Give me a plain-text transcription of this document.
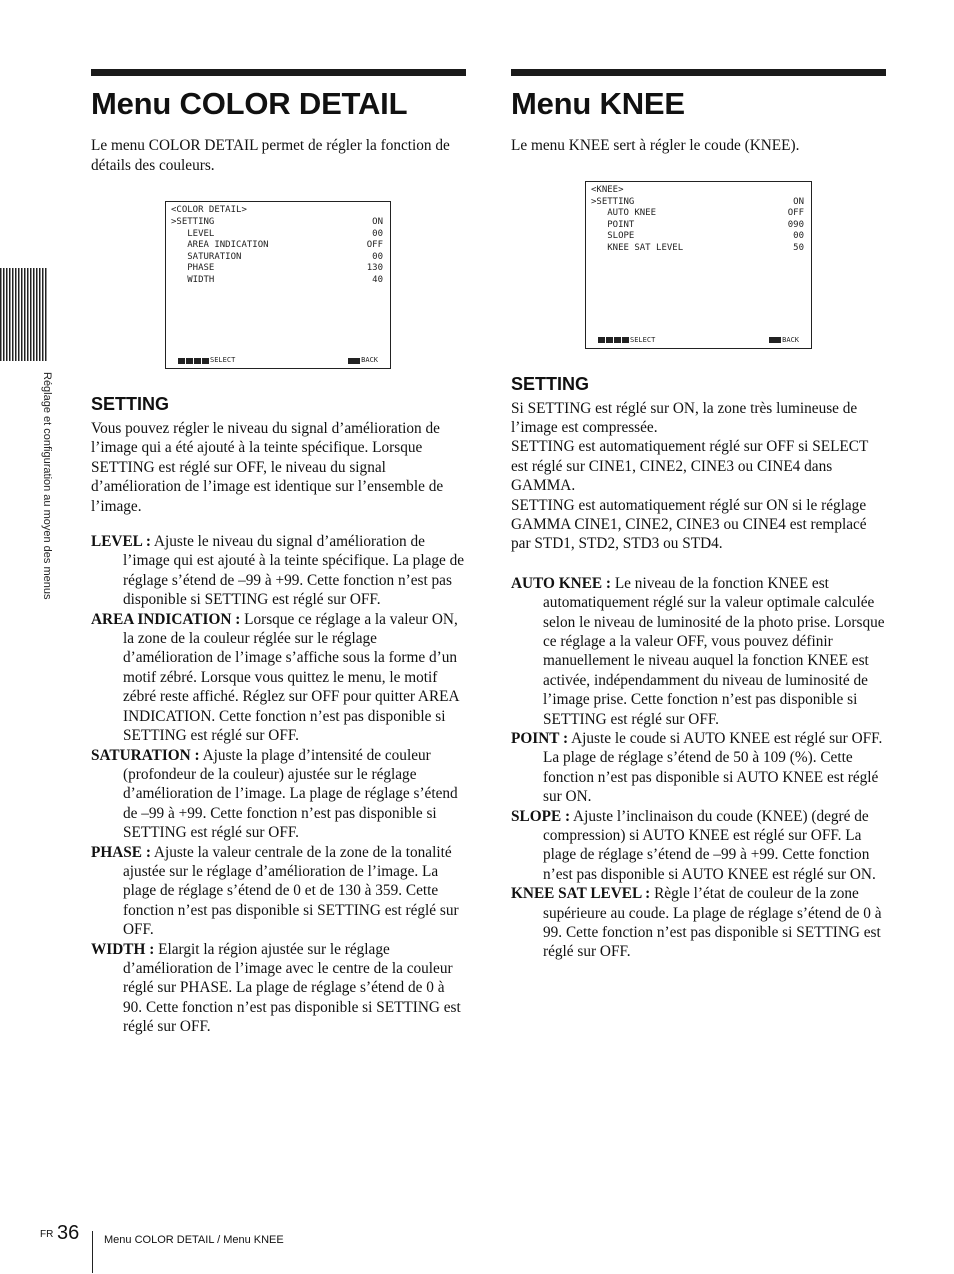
Réglage et configuration au moyen des menus
Menu COLOR DETAIL

Le menu COLOR DETAIL permet de régler la fonction de détails des couleurs.

<COLOR DETAIL>
>SETTING	ON
LEVEL	00
AREA INDICATION	OFF
SATURATION	00
PHASE	130
WIDTH	40
SELECT	BACK
SETTING

Vous pouvez régler le niveau du signal d’amélioration de l’image qui a été ajouté à la teinte spécifique. Lorsque SETTING est réglé sur OFF, le niveau du signal d’amélioration de l’image est identique sur l’ensemble de l’image.

LEVEL : Ajuste le niveau du signal d’amélioration de l’image qui est ajouté à la teinte spécifique. La plage de réglage s’étend de –99 à +99. Cette fonction n’est pas disponible si SETTING est réglé sur OFF.

AREA INDICATION : Lorsque ce réglage a la valeur ON, la zone de la couleur réglée sur le réglage d’amélioration de l’image s’affiche sous la forme d’un motif zébré. Lorsque vous quittez le menu, le motif zébré reste affiché. Réglez sur OFF pour quitter AREA INDICATION. Cette fonction n’est pas disponible si SETTING est réglé sur OFF.

SATURATION : Ajuste la plage d’intensité de couleur (profondeur de la couleur) ajustée sur le réglage d’amélioration de l’image. La plage de réglage s’étend de –99 à +99. Cette fonction n’est pas disponible si SETTING est réglé sur OFF.

PHASE : Ajuste la valeur centrale de la zone de la tonalité ajustée sur le réglage d’amélioration de l’image. La plage de réglage s’étend de 0 et de 130 à 359. Cette fonction n’est pas disponible si SETTING est réglé sur OFF.

WIDTH : Elargit la région ajustée sur le réglage d’amélioration de l’image avec le centre de la couleur réglé sur PHASE. La plage de réglage s’étend de 0 à 90. Cette fonction n’est pas disponible si SETTING est réglé sur OFF.

Menu KNEE

Le menu KNEE sert à régler le coude (KNEE).

<KNEE>
>SETTING	ON
AUTO KNEE	OFF
POINT	090
SLOPE	00
KNEE SAT LEVEL	50
SELECT	BACK
SETTING

Si SETTING est réglé sur ON, la zone très lumineuse de l’image est compressée.

SETTING est automatiquement réglé sur OFF si SELECT est réglé sur CINE1, CINE2, CINE3 ou CINE4 dans GAMMA.

SETTING est automatiquement réglé sur ON si le réglage GAMMA CINE1, CINE2, CINE3 ou CINE4 est remplacé par STD1, STD2, STD3 ou STD4.

AUTO KNEE : Le niveau de la fonction KNEE est automatiquement réglé sur la valeur optimale calculée selon le niveau de luminosité de la photo prise. Lorsque ce réglage a la valeur OFF, vous pouvez définir manuellement le niveau auquel la fonction KNEE est activée, indépendamment du niveau de luminosité de l’image prise. Cette fonction n’est pas disponible si SETTING est réglé sur OFF.

POINT : Ajuste le coude si AUTO KNEE est réglé sur OFF. La plage de réglage s’étend de 50 à 109 (%). Cette fonction n’est pas disponible si AUTO KNEE est réglé sur ON.

SLOPE : Ajuste l’inclinaison du coude (KNEE) (degré de compression) si AUTO KNEE est réglé sur OFF. La plage de réglage s’étend de –99 à +99. Cette fonction n’est pas disponible si AUTO KNEE est réglé sur ON.

KNEE SAT LEVEL : Règle l’état de couleur de la zone supérieure au coude. La plage de réglage s’étend de 0 à 99. Cette fonction n’est pas disponible si SETTING est réglé sur OFF.

FR 36 Menu COLOR DETAIL / Menu KNEE
